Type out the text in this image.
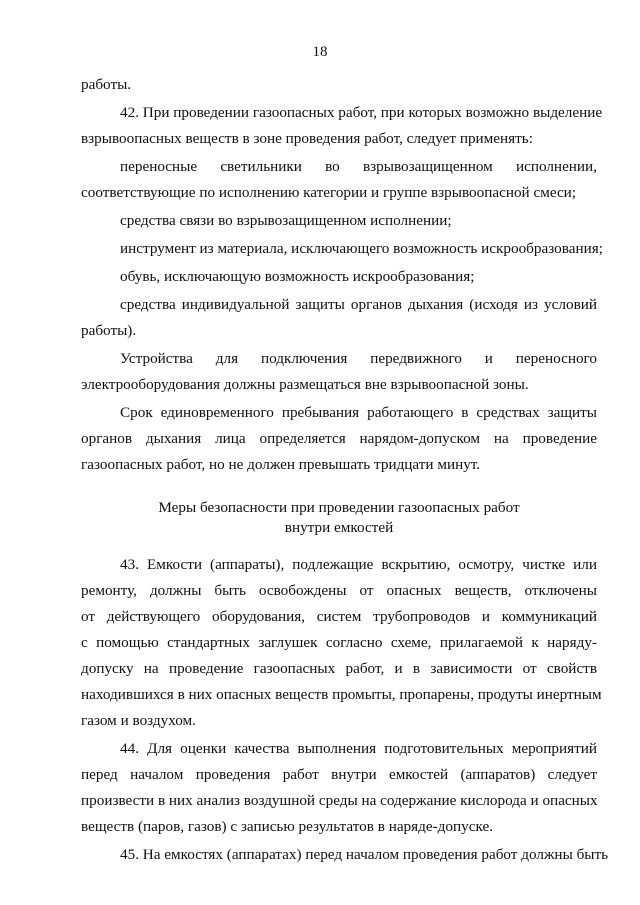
18
работы.
42. При проведении газоопасных работ, при которых возможно выделение
взрывоопасных веществ в зоне проведения работ, следует применять:
переносные светильники во взрывозащищенном исполнении,
соответствующие по исполнению категории и группе взрывоопасной смеси;
средства связи во взрывозащищенном исполнении;
инструмент из материала, исключающего возможность искрообразования;
обувь, исключающую возможность искрообразования;
средства индивидуальной защиты органов дыхания (исходя из условий
работы).
Устройства для подключения передвижного и переносного
электрооборудования должны размещаться вне взрывоопасной зоны.
Срок единовременного пребывания работающего в средствах защиты
органов дыхания лица определяется нарядом-допуском на проведение
газоопасных работ, но не должен превышать тридцати минут.
Меры безопасности при проведении газоопасных работ
внутри емкостей
43. Емкости (аппараты), подлежащие вскрытию, осмотру, чистке или
ремонту, должны быть освобождены от опасных веществ, отключены
от действующего оборудования, систем трубопроводов и коммуникаций
с помощью стандартных заглушек согласно схеме, прилагаемой к наряду-
допуску на проведение газоопасных работ, и в зависимости от свойств
находившихся в них опасных веществ промыты, пропарены, продуты инертным
газом и воздухом.
44. Для оценки качества выполнения подготовительных мероприятий
перед началом проведения работ внутри емкостей (аппаратов) следует
произвести в них анализ воздушной среды на содержание кислорода и опасных
веществ (паров, газов) с записью результатов в наряде-допуске.
45. На емкостях (аппаратах) перед началом проведения работ должны быть
